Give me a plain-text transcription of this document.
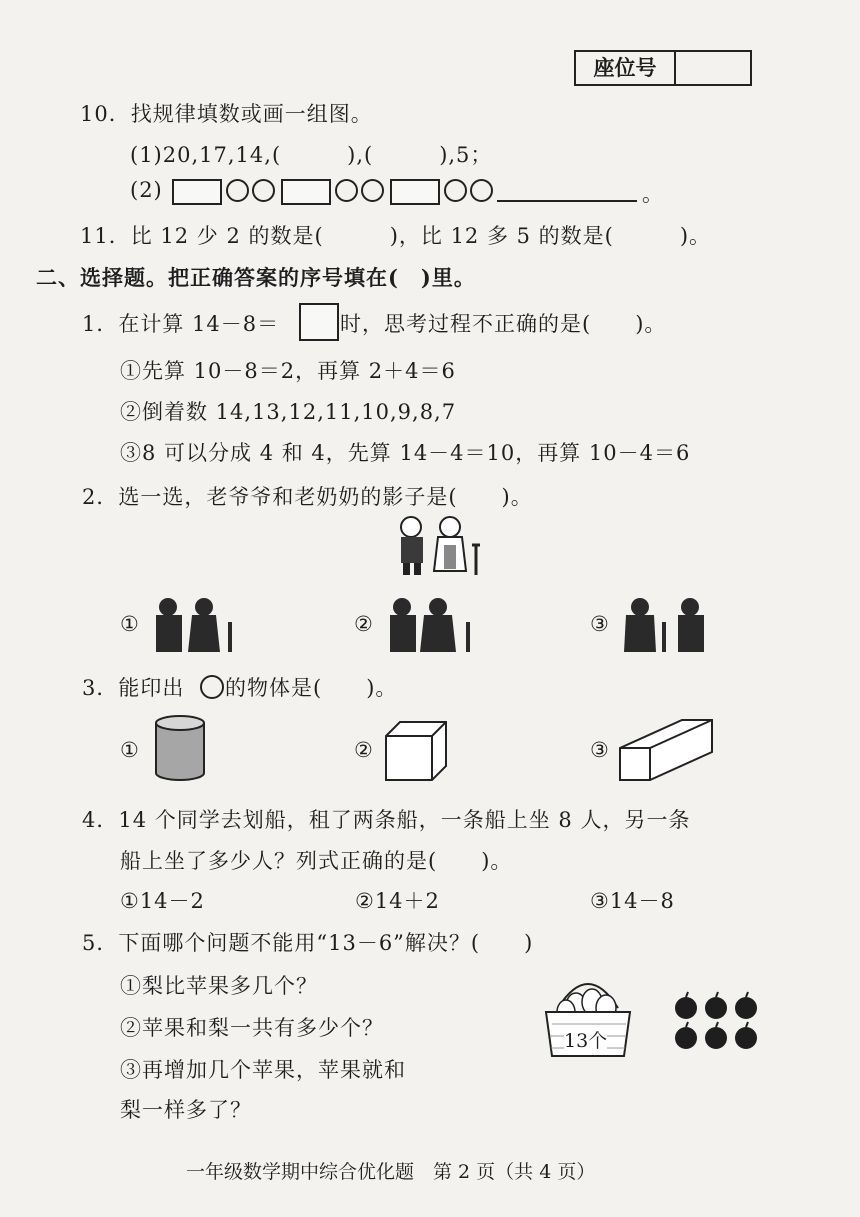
座位号
10．找规律填数或画一组图。
(1)20,17,14,(　　　),(　　　),5；
(2)	。
11．比 12 少 2 的数是(　　　)，比 12 多 5 的数是(　　　)。
二、选择题。把正确答案的序号填在(　)里。
1．在计算 14－8＝	时，思考过程不正确的是(　　)。
①先算 10－8＝2，再算 2＋4＝6
②倒着数 14,13,12,11,10,9,8,7
③8 可以分成 4 和 4，先算 14－4＝10，再算 10－4＝6
2．选一选，老爷爷和老奶奶的影子是(　　)。
①	②	③
3．能印出 的物体是(　　)。
①	②	③
4．14 个同学去划船，租了两条船，一条船上坐 8 人，另一条
船上坐了多少人？列式正确的是(　　)。
①14－2	②14＋2	③14－8
5．下面哪个问题不能用“13－6”解决？(　　)
①梨比苹果多几个？
②苹果和梨一共有多少个？
③再增加几个苹果，苹果就和
梨一样多了？
13个
一年级数学期中综合优化题　第 2 页（共 4 页）
